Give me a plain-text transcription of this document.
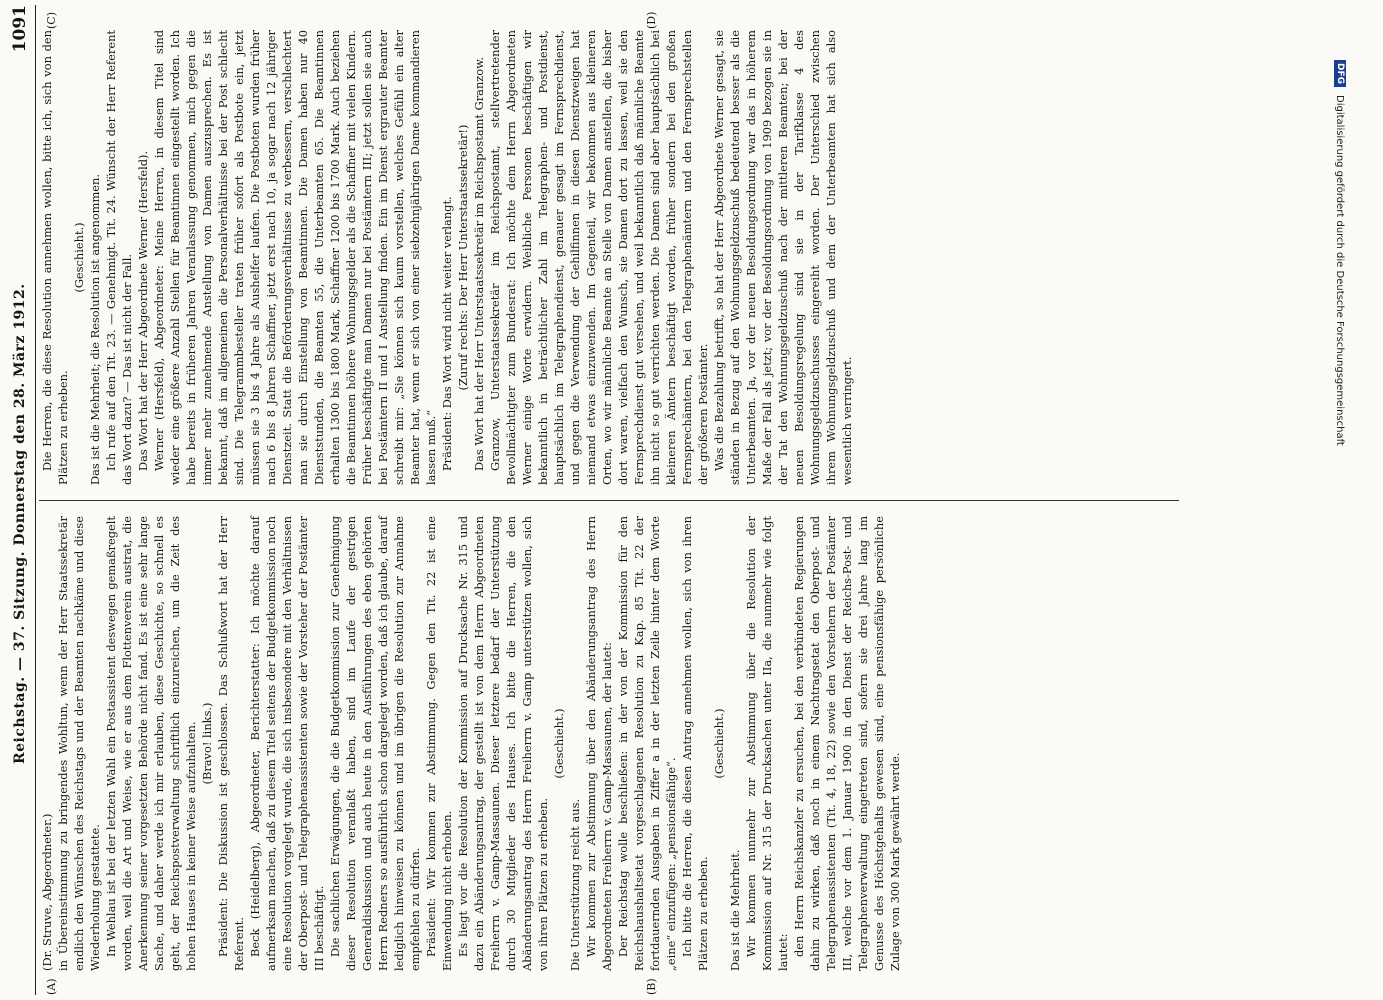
Reichstag. — 37. Sitzung. Donnerstag den 28. März 1912.
1091
(A)	(B)
(C)	(D)

(Dr. Struve, Abgeordneter.) in Übereinstimmung zu bringendes Wohltun, wenn der Herr Staatssekretär endlich den Wünschen des Reichstags und der Beamten nachkäme und diese Wiederholung gestattete. In Wehlau ist bei der letzten Wahl ein Postassistent deswegen gemaßregelt worden, weil die Art und Weise, wie er aus dem Flottenverein austrat, die Anerkennung seiner vorgesetzten Behörde nicht fand. Es ist eine sehr lange Sache, und daher werde ich mir erlauben, diese Geschichte, so schnell es geht, der Reichspostverwaltung schriftlich einzureichen, um die Zeit des hohen Hauses in keiner Weise aufzuhalten. (Bravo! links.) Präsident: Die Diskussion ist geschlossen. Das Schlußwort hat der Herr Referent. Beck (Heidelberg), Abgeordneter, Berichterstatter: Ich möchte darauf aufmerksam machen, daß zu diesem Titel seitens der Budgetkommission noch eine Resolution vorgelegt wurde, die sich insbesondere mit den Verhältnissen der Oberpost- und Telegraphenassistenten sowie der Vorsteher der Postämter III beschäftigt. Die sachlichen Erwägungen, die die Budgetkommission zur Genehmigung dieser Resolution veranlaßt haben, sind im Laufe der gestrigen Generaldiskussion und auch heute in den Ausführungen des eben gehörten Herrn Redners so ausführlich schon dargelegt worden, daß ich glaube, darauf lediglich hinweisen zu können und im übrigen die Resolution zur Annahme empfehlen zu dürfen. Präsident: Wir kommen zur Abstimmung. Gegen den Tit. 22 ist eine Einwendung nicht erhoben. Es liegt vor die Resolution der Kommission auf Drucksache Nr. 315 und dazu ein Abänderungsantrag, der gestellt ist von dem Herrn Abgeordneten Freiherrn v. Gamp-Massaunen. Dieser letztere bedarf der Unterstützung durch 30 Mitglieder des Hauses. Ich bitte die Herren, die den Abänderungsantrag des Herrn Freiherrn v. Gamp unterstützen wollen, sich von ihren Plätzen zu erheben.

(Geschieht.)

Die Unterstützung reicht aus. Wir kommen zur Abstimmung über den Abänderungsantrag des Herrn Abgeordneten Freiherrn v. Gamp-Massaunen, der lautet: Der Reichstag wolle beschließen: in der von der Kommission für den Reichshaushaltsetat vorgeschlagenen Resolution zu Kap. 85 Tit. 22 der fortdauernden Ausgaben in Ziffer a in der letzten Zeile hinter dem Worte „eine“ einzufügen: „pensionsfähige“. Ich bitte die Herren, die diesen Antrag annehmen wollen, sich von ihren Plätzen zu erheben.

(Geschieht.)

Das ist die Mehrheit. Wir kommen nunmehr zur Abstimmung über die Resolution der Kommission auf Nr. 315 der Drucksachen unter IIa, die nunmehr wie folgt lautet: den Herrn Reichskanzler zu ersuchen, bei den verbündeten Regierungen dahin zu wirken, daß noch in einem Nachtragsetat den Oberpost- und Telegraphenassistenten (Tit. 4, 18, 22) sowie den Vorstehern der Postämter III, welche vor dem 1. Januar 1900 in den Dienst der Reichs-Post- und Telegraphenverwaltung eingetreten sind, sofern sie drei Jahre lang im Genusse des Höchstgehalts gewesen sind, eine pensionsfähige persönliche Zulage von 300 Mark gewährt werde.

Die Herren, die diese Resolution annehmen wollen, bitte ich, sich von den Plätzen zu erheben.

(Geschieht.) Das ist die Mehrheit; die Resolution ist angenommen. Ich rufe auf den Tit. 23. — Genehmigt. Tit. 24. Wünscht der Herr Referent das Wort dazu? — Das ist nicht der Fall. Das Wort hat der Herr Abgeordnete Werner (Hersfeld). Werner (Hersfeld), Abgeordneter: Meine Herren, in diesem Titel sind wieder eine größere Anzahl Stellen für Beamtinnen eingestellt worden. Ich habe bereits in früheren Jahren Veranlassung genommen, mich gegen die immer mehr zunehmende Anstellung von Damen auszusprechen. Es ist bekannt, daß im allgemeinen die Personalverhältnisse bei der Post schlecht sind. Die Telegrammbesteller traten früher sofort als Postbote ein, jetzt müssen sie 3 bis 4 Jahre als Aushelfer laufen. Die Postboten wurden früher nach 6 bis 8 Jahren Schaffner, jetzt erst nach 10, ja sogar nach 12 jähriger Dienstzeit. Statt die Beförderungsverhältnisse zu verbessern, verschlechtert man sie durch Einstellung von Beamtinnen. Die Damen haben nur 40 Dienststunden, die Beamten 55, die Unterbeamten 65. Die Beamtinnen erhalten 1300 bis 1800 Mark, Schaffner 1200 bis 1700 Mark. Auch beziehen die Beamtinnen höhere Wohnungsgelder als die Schaffner mit vielen Kindern. Früher beschäftigte man Damen nur bei Postämtern III; jetzt sollen sie auch bei Postämtern II und I Anstellung finden. Ein im Dienst ergrauter Beamter schreibt mir: „Sie können sich kaum vorstellen, welches Gefühl ein alter Beamter hat, wenn er sich von einer siebzehnjährigen Dame kommandieren lassen muß.“ Präsident: Das Wort wird nicht weiter verlangt. (Zuruf rechts: Der Herr Unterstaatssekretär!) Das Wort hat der Herr Unterstaatssekretär im Reichspostamt Granzow. Granzow, Unterstaatssekretär im Reichspostamt, stellvertretender Bevollmächtigter zum Bundesrat: Ich möchte dem Herrn Abgeordneten Werner einige Worte erwidern. Weibliche Personen beschäftigen wir bekanntlich in beträchtlicher Zahl im Telegraphen- und Postdienst, hauptsächlich im Telegraphendienst, genauer gesagt im Fernsprechdienst, und gegen die Verwendung der Gehilfinnen in diesen Dienstzweigen hat niemand etwas einzuwenden. Im Gegenteil, wir bekommen aus kleineren Orten, wo wir männliche Beamte an Stelle von Damen anstellen, die bisher dort waren, vielfach den Wunsch, sie Damen dort zu lassen, weil sie den Fernsprechdienst gut versehen, und weil bekanntlich daß männliche Beamte ihn nicht so gut verrichten werden. Die Damen sind aber hauptsächlich bei kleineren Ämtern beschäftigt worden, früher sondern bei den großen Fernsprechämtern, bei den Telegraphenämtern und den Fernsprechstellen der größeren Postämter. Was die Bezahlung betrifft, so hat der Herr Abgeordnete Werner gesagt, sie ständen in Bezug auf den Wohnungsgeldzuschuß bedeutend besser als die Unterbeamten. Ja, vor der neuen Besoldungsordnung war das in höherem Maße der Fall als jetzt; vor der Besoldungsordnung von 1909 bezogen sie in der Tat den Wohnungsgeldzuschuß nach der mittleren Beamten; bei der neuen Besoldungsregelung sind sie in der Tarifklasse 4 des Wohnungsgeldzuschusses eingereiht worden. Der Unterschied zwischen ihrem Wohnungsgeldzuschuß und dem der Unterbeamten hat sich also wesentlich verringert.

DFG
Digitalisierung gefördert durch die Deutsche Forschungsgemeinschaft
